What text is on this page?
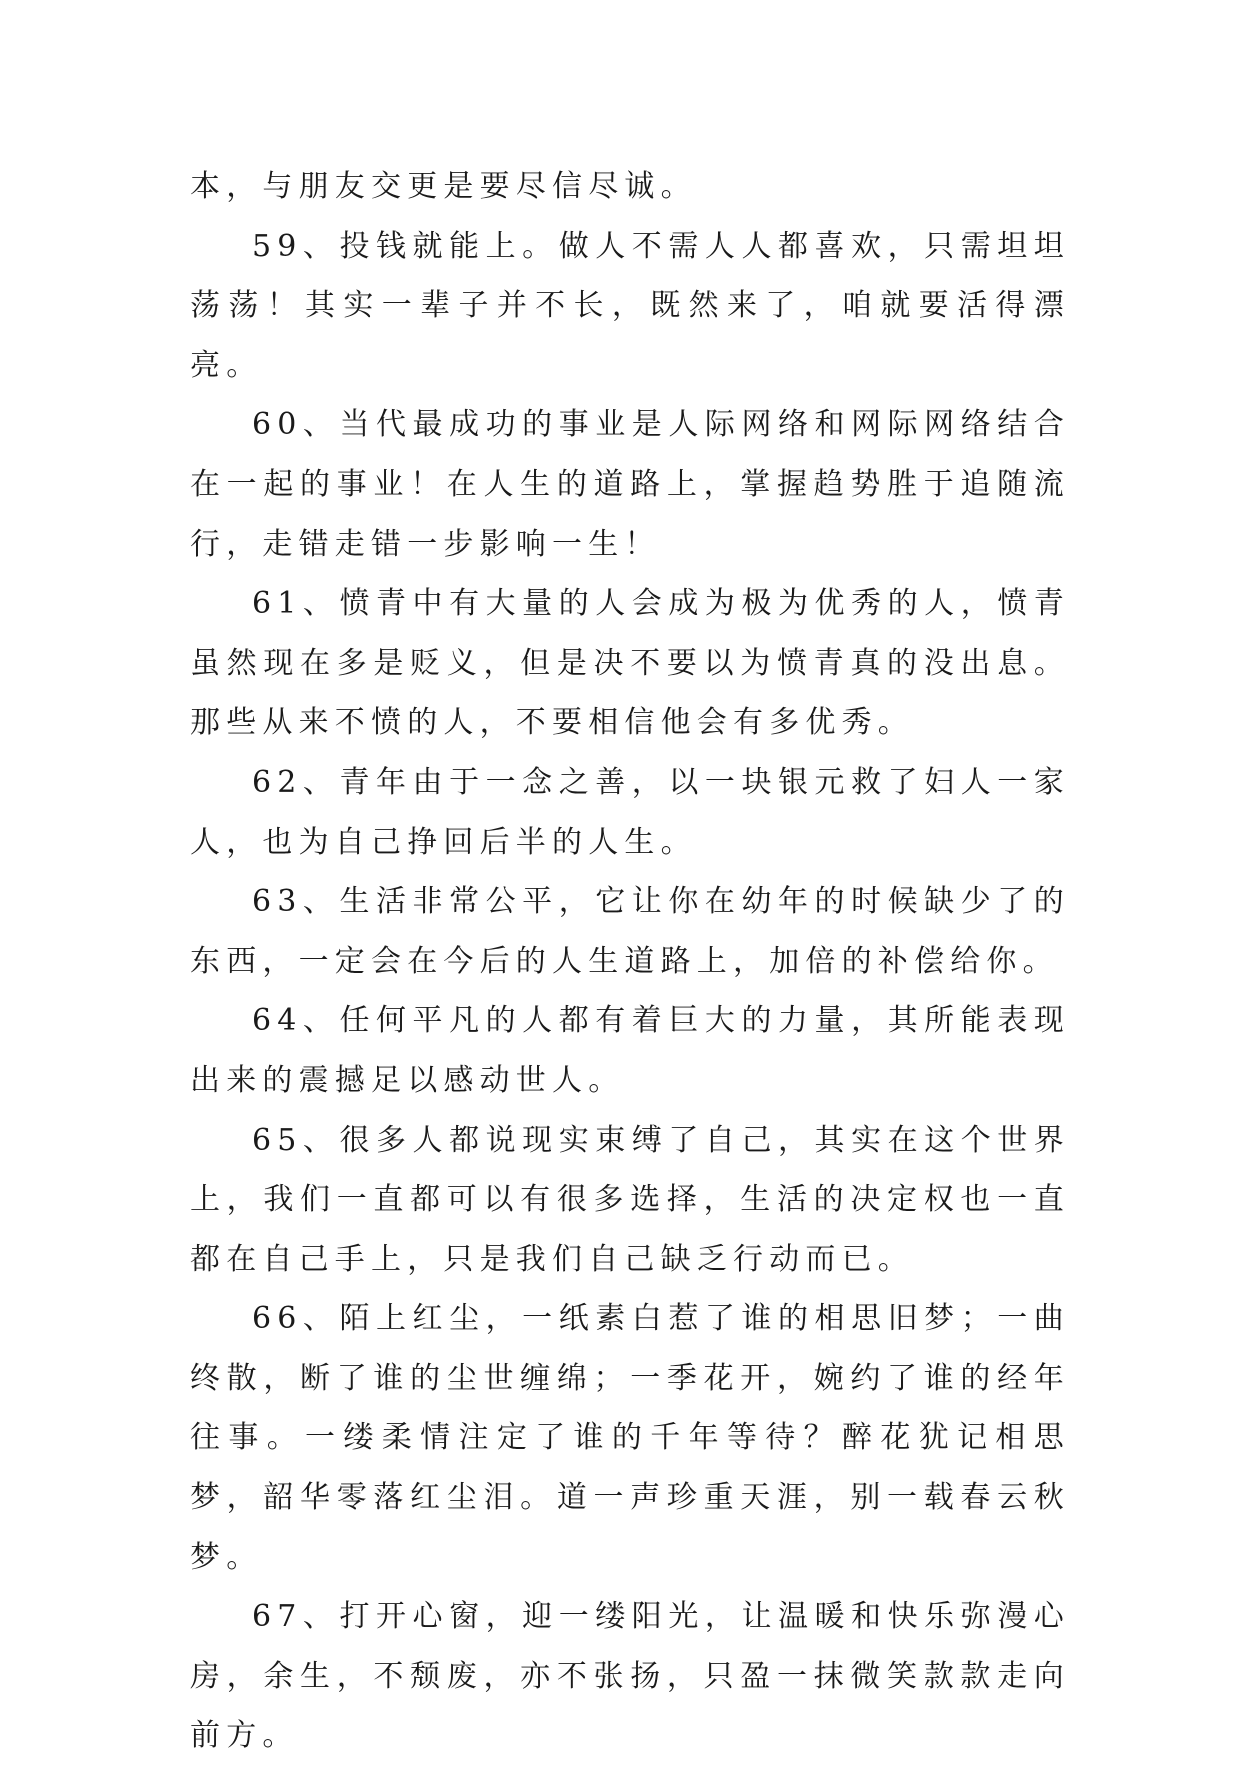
本，与朋友交更是要尽信尽诚。

59、投钱就能上。做人不需人人都喜欢，只需坦坦荡荡！其实一辈子并不长，既然来了，咱就要活得漂亮。

60、当代最成功的事业是人际网络和网际网络结合在一起的事业！在人生的道路上，掌握趋势胜于追随流行，走错走错一步影响一生！

61、愤青中有大量的人会成为极为优秀的人，愤青虽然现在多是贬义，但是决不要以为愤青真的没出息。那些从来不愤的人，不要相信他会有多优秀。

62、青年由于一念之善，以一块银元救了妇人一家人，也为自己挣回后半的人生。

63、生活非常公平，它让你在幼年的时候缺少了的东西，一定会在今后的人生道路上，加倍的补偿给你。

64、任何平凡的人都有着巨大的力量，其所能表现出来的震撼足以感动世人。

65、很多人都说现实束缚了自己，其实在这个世界上，我们一直都可以有很多选择，生活的决定权也一直都在自己手上，只是我们自己缺乏行动而已。

66、陌上红尘，一纸素白惹了谁的相思旧梦；一曲终散，断了谁的尘世缠绵；一季花开，婉约了谁的经年往事。一缕柔情注定了谁的千年等待？醉花犹记相思梦，韶华零落红尘泪。道一声珍重天涯，别一载春云秋梦。

67、打开心窗，迎一缕阳光，让温暖和快乐弥漫心房，余生，不颓废，亦不张扬，只盈一抹微笑款款走向前方。
